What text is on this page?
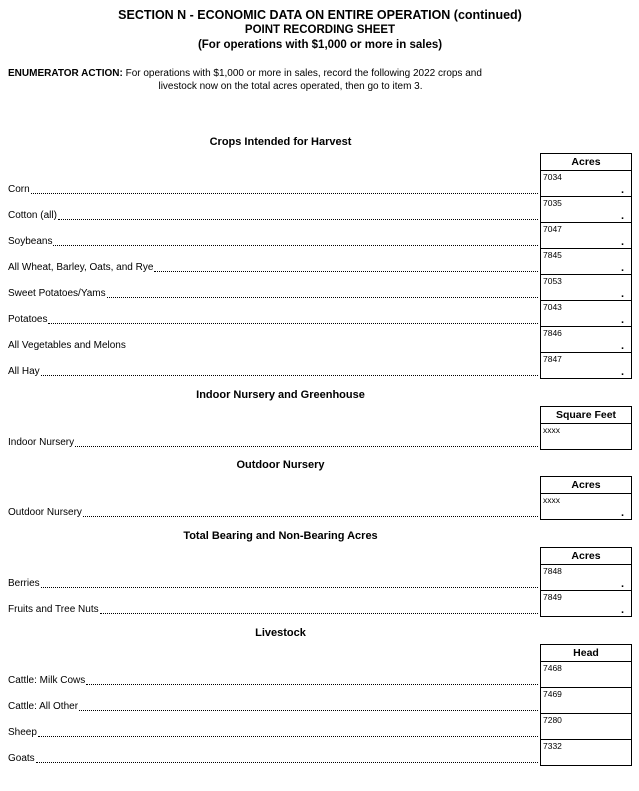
SECTION N - ECONOMIC DATA ON ENTIRE OPERATION (continued)
POINT RECORDING SHEET
(For operations with $1,000 or more in sales)
ENUMERATOR ACTION: For operations with $1,000 or more in sales, record the following 2022 crops and
livestock now on the total acres operated, then go to item 3.
Crops Intended for Harvest
Acres
Corn
7034
.
Cotton (all)
7035
.
Soybeans
7047
.
All Wheat, Barley, Oats, and Rye
7845
.
Sweet Potatoes/Yams
7053
.
Potatoes
7043
.
All Vegetables and Melons
7846
.
All Hay
7847
.
Indoor Nursery and Greenhouse
Square Feet
Indoor Nursery
xxxx
Outdoor Nursery
Acres
Outdoor Nursery
xxxx
.
Total Bearing and Non-Bearing Acres
Acres
Berries
7848
.
Fruits and Tree Nuts
7849
.
Livestock
Head
Cattle: Milk Cows
7468
Cattle: All Other
7469
Sheep
7280
Goats
7332
